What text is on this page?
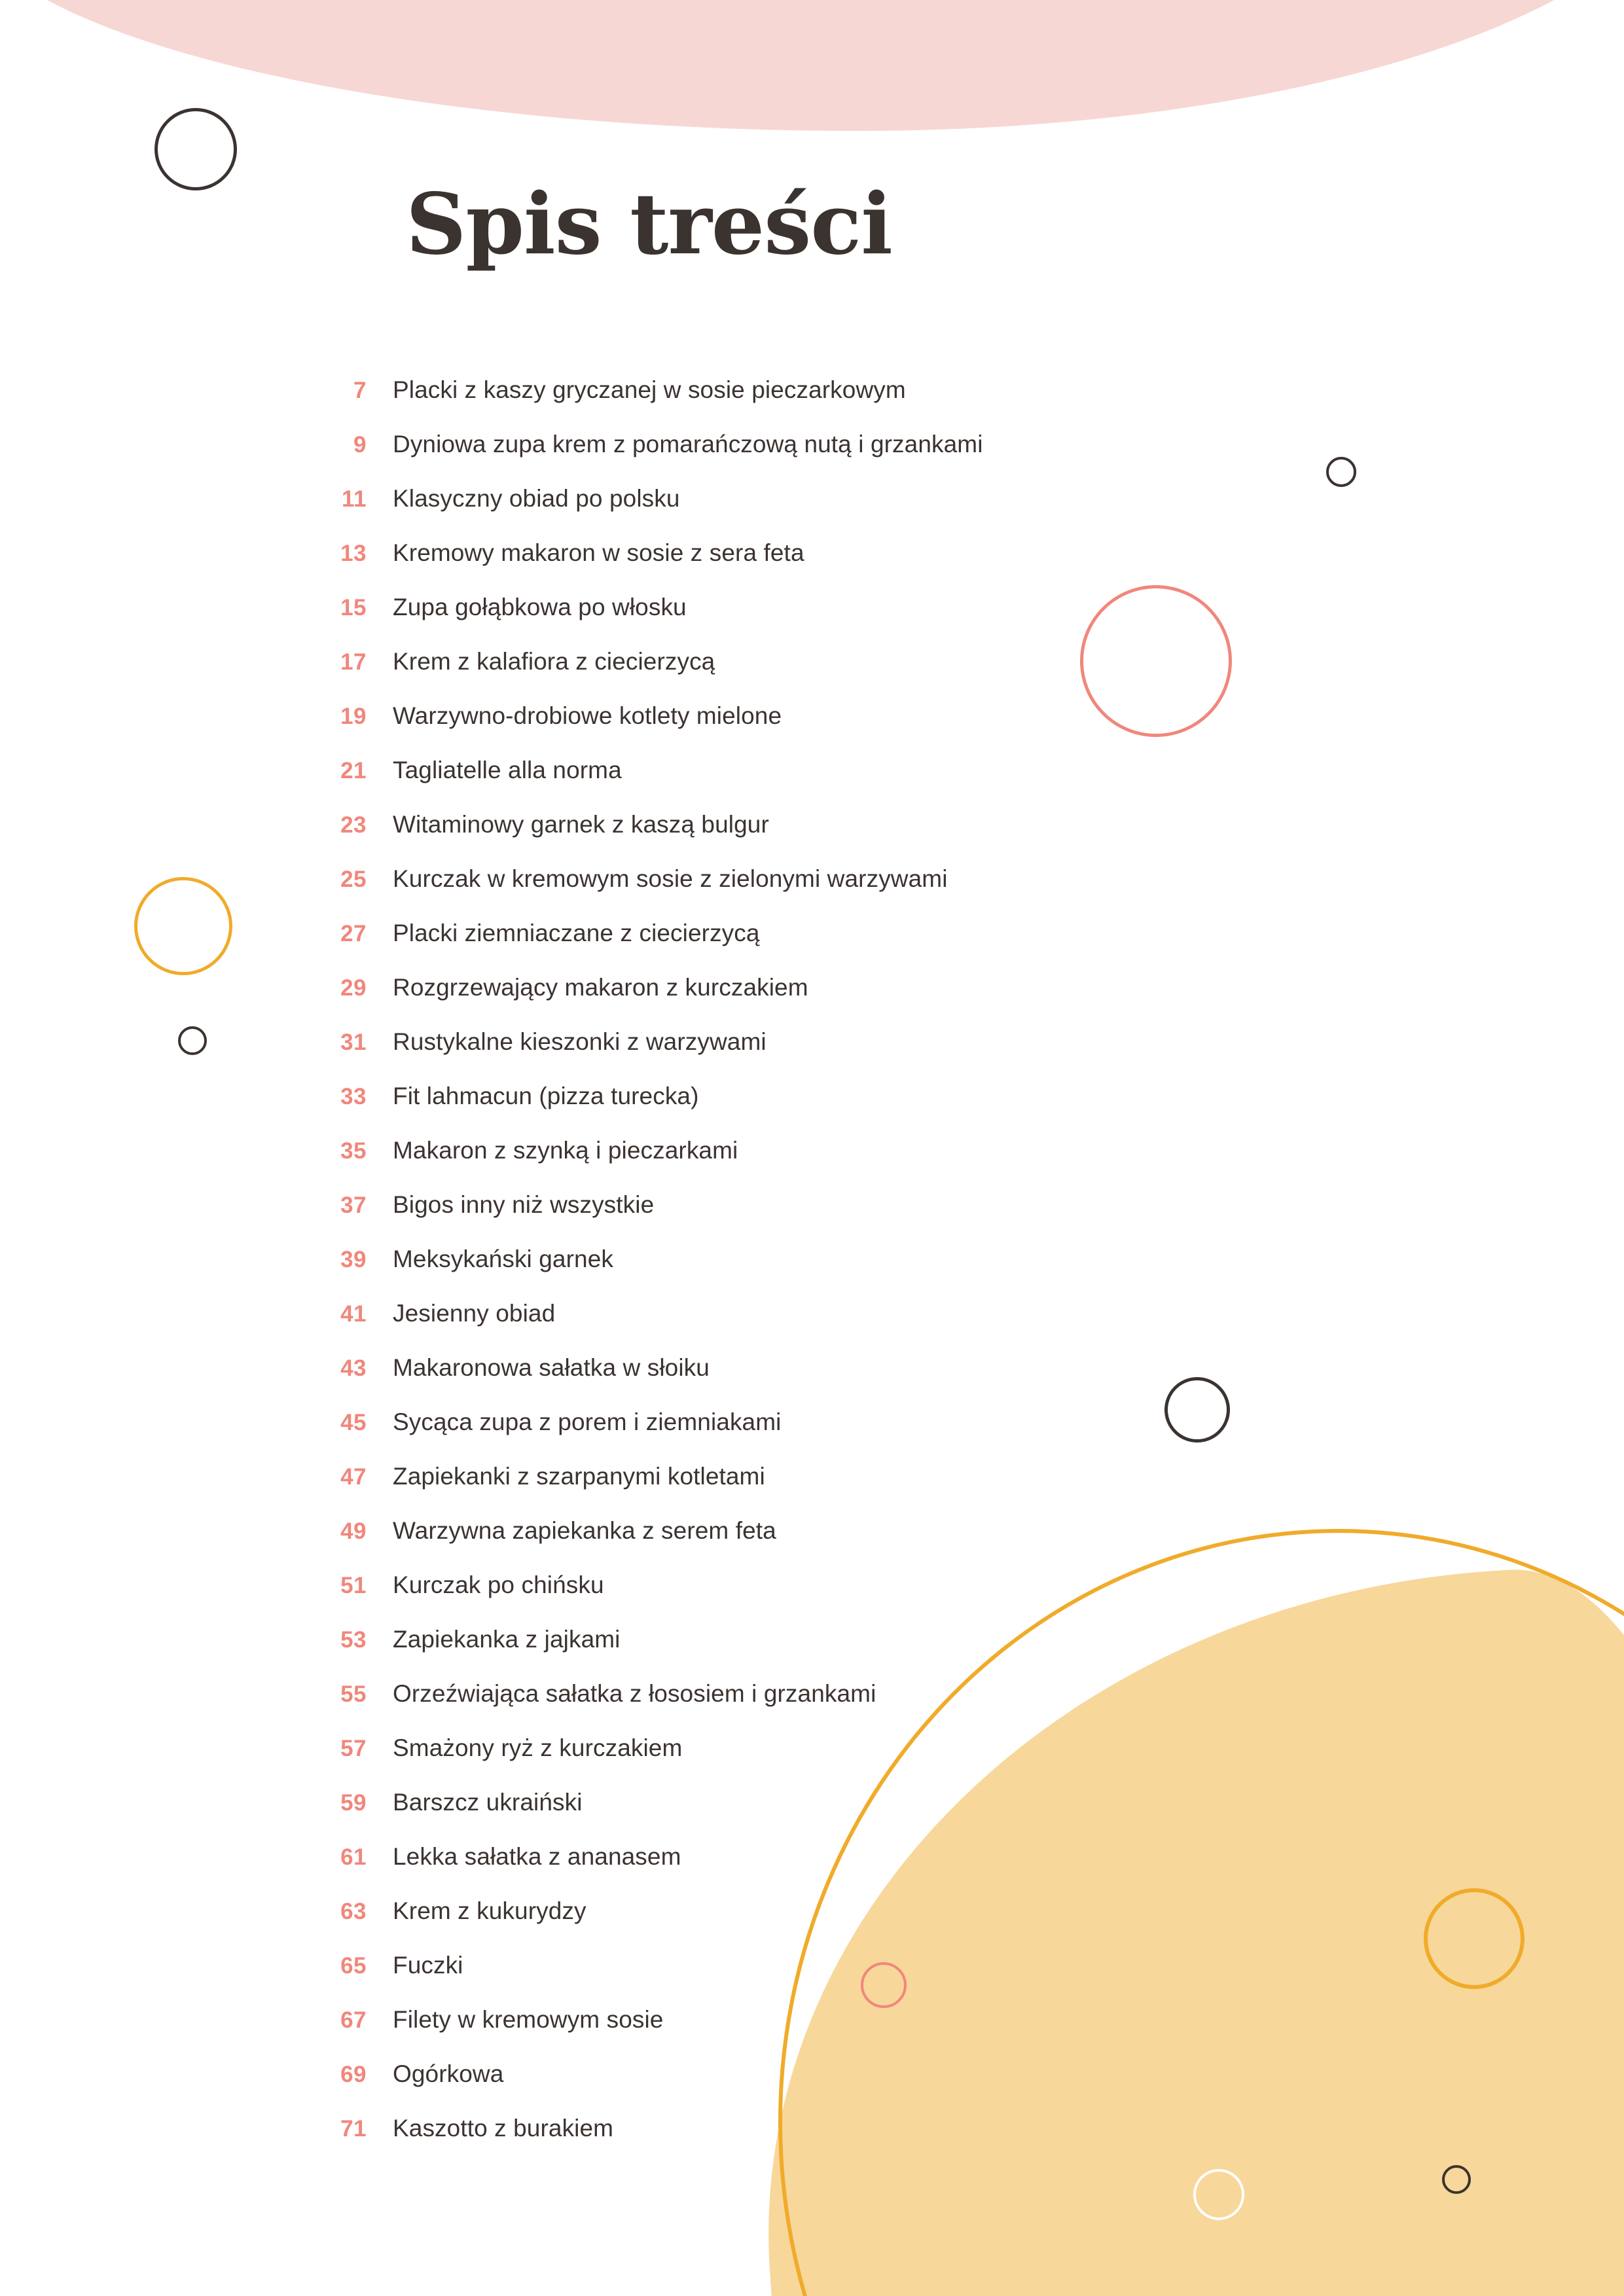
Spis treści
7	Placki z kaszy gryczanej w sosie pieczarkowym
9	Dyniowa zupa krem z pomarańczową nutą i grzankami
11	Klasyczny obiad po polsku
13	Kremowy makaron w sosie z sera feta
15	Zupa gołąbkowa po włosku
17	Krem z kalafiora z ciecierzycą
19	Warzywno-drobiowe kotlety mielone
21	Tagliatelle alla norma
23	Witaminowy garnek z kaszą bulgur
25	Kurczak w kremowym sosie z zielonymi warzywami
27	Placki ziemniaczane z ciecierzycą
29	Rozgrzewający makaron z kurczakiem
31	Rustykalne kieszonki z warzywami
33	Fit lahmacun (pizza turecka)
35	Makaron z szynką i pieczarkami
37	Bigos inny niż wszystkie
39	Meksykański garnek
41	Jesienny obiad
43	Makaronowa sałatka w słoiku
45	Sycąca zupa z porem i ziemniakami
47	Zapiekanki z szarpanymi kotletami
49	Warzywna zapiekanka z serem feta
51	Kurczak po chińsku
53	Zapiekanka z jajkami
55	Orzeźwiająca sałatka z łososiem i grzankami
57	Smażony ryż z kurczakiem
59	Barszcz ukraiński
61	Lekka sałatka z ananasem
63	Krem z kukurydzy
65	Fuczki
67	Filety w kremowym sosie
69	Ogórkowa
71	Kaszotto z burakiem
